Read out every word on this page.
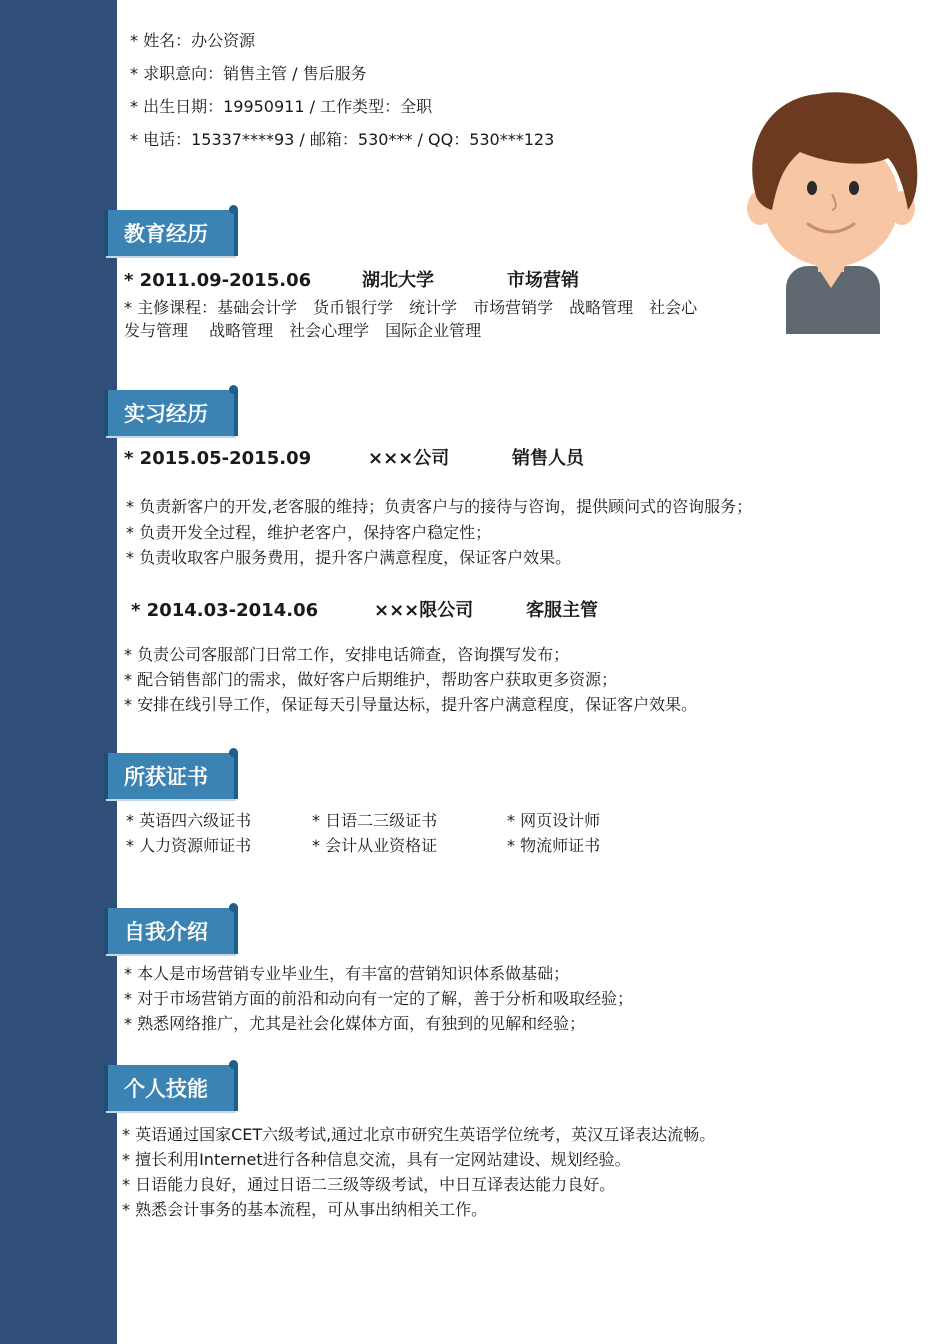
* 姓名：办公资源
* 求职意向：销售主管 / 售后服务
* 出生日期：19950911 / 工作类型：全职
* 电话：15337****93 / 邮箱：530*** / QQ：530***123
教育经历
* 2011.09-2015.06	湖北大学	市场营销
* 主修课程：基础会计学　货币银行学　统计学　市场营销学　战略管理　社会心
发与管理　 战略管理　社会心理学　国际企业管理
实习经历
* 2015.05-2015.09	×××公司	销售人员
* 负责新客户的开发,老客服的维持；负责客户与的接待与咨询，提供顾问式的咨询服务；
* 负责开发全过程，维护老客户，保持客户稳定性；
* 负责收取客户服务费用，提升客户满意程度，保证客户效果。
* 2014.03-2014.06	×××限公司	客服主管
* 负责公司客服部门日常工作，安排电话筛查，咨询撰写发布；
* 配合销售部门的需求，做好客户后期维护，帮助客户获取更多资源；
* 安排在线引导工作，保证每天引导量达标，提升客户满意程度，保证客户效果。
所获证书
* 英语四六级证书	* 日语二三级证书	* 网页设计师
* 人力资源师证书	* 会计从业资格证	* 物流师证书
自我介绍
* 本人是市场营销专业毕业生，有丰富的营销知识体系做基础；
* 对于市场营销方面的前沿和动向有一定的了解，善于分析和吸取经验；
* 熟悉网络推广，尤其是社会化媒体方面，有独到的见解和经验；
个人技能
* 英语通过国家CET六级考试,通过北京市研究生英语学位统考，英汉互译表达流畅。
* 擅长利用Internet进行各种信息交流，具有一定网站建设、规划经验。
* 日语能力良好，通过日语二三级等级考试，中日互译表达能力良好。
* 熟悉会计事务的基本流程，可从事出纳相关工作。
